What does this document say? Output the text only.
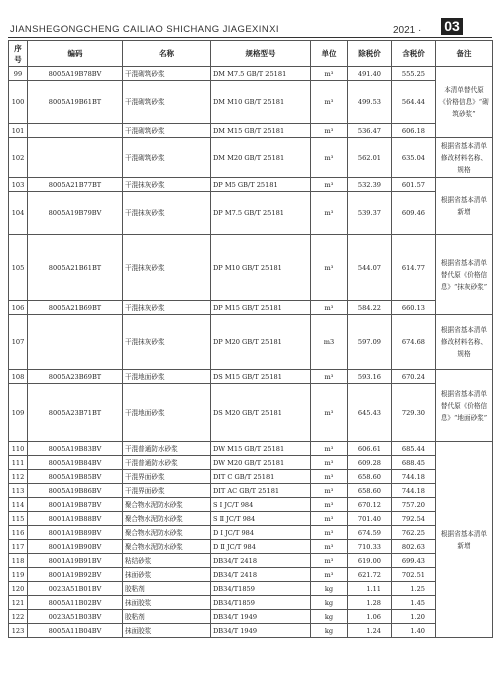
JIANSHEGONGCHENG CAILIAO SHICHANG JIAGEXINXI	2021 · 03
序号	编码	名称	规格型号	单位	除税价	含税价	备注
99	8005A19B78BV	干混砌筑砂浆	DM M7.5 GB/T 25181	m³	491.40	555.25	本清单替代原《价格信息》“砌筑砂浆”
100	8005A19B61BT	干混砌筑砂浆	DM M10 GB/T 25181	m³	499.53	564.44	
101		干混砌筑砂浆	DM M15 GB/T 25181	m³	536.47	606.18	
102		干混砌筑砂浆	DM M20 GB/T 25181	m³	562.01	635.04	根据省基本清单修改材料名称、规格
103	8005A21B77BT	干混抹灰砂浆	DP M5 GB/T 25181	m³	532.39	601.57	根据省基本清单新增
104	8005A19B79BV	干混抹灰砂浆	DP M7.5 GB/T 25181	m³	539.37	609.46	
105	8005A21B61BT	干混抹灰砂浆	DP M10 GB/T 25181	m³	544.07	614.77	根据省基本清单替代原《价格信息》“抹灰砂浆”
106	8005A21B69BT	干混抹灰砂浆	DP M15 GB/T 25181	m³	584.22	660.13	
107		干混抹灰砂浆	DP M20 GB/T 25181	m3	597.09	674.68	根据省基本清单修改材料名称、规格
108	8005A23B69BT	干混地面砂浆	DS M15 GB/T 25181	m³	593.16	670.24	根据省基本清单替代原《价格信息》“地面砂浆”
109	8005A23B71BT	干混地面砂浆	DS M20 GB/T 25181	m³	645.43	729.30	
110	8005A19B83BV	干混普通防水砂浆	DW M15 GB/T 25181	m³	606.61	685.44	根据省基本清单新增
111	8005A19B84BV	干混普通防水砂浆	DW M20 GB/T 25181	m³	609.28	688.45	
112	8005A19B85BV	干混界面砂浆	DIT C GB/T 25181	m³	658.60	744.18	
113	8005A19B86BV	干混界面砂浆	DIT AC GB/T 25181	m³	658.60	744.18	
114	8001A19B87BV	聚合物水泥防水砂浆	S Ⅰ JC/T 984	m³	670.12	757.20	
115	8001A19B88BV	聚合物水泥防水砂浆	S Ⅱ JC/T 984	m³	701.40	792.54	
116	8001A19B89BV	聚合物水泥防水砂浆	D Ⅰ JC/T 984	m³	674.59	762.25	
117	8001A19B90BV	聚合物水泥防水砂浆	D Ⅱ JC/T 984	m³	710.33	802.63	
118	8001A19B91BV	粘结砂浆	DB34/T 2418	m³	619.00	699.43	
119	8001A19B92BV	抹面砂浆	DB34/T 2418	m³	621.72	702.51	
120	0023A51B01BV	胶粘剂	DB34/T1859	kg	1.11	1.25	
121	8005A11B02BV	抹面胶浆	DB34/T1859	kg	1.28	1.45	
122	0023A51B03BV	胶粘剂	DB34/T 1949	kg	1.06	1.20	
123	8005A11B04BV	抹面胶浆	DB34/T 1949	kg	1.24	1.40	
